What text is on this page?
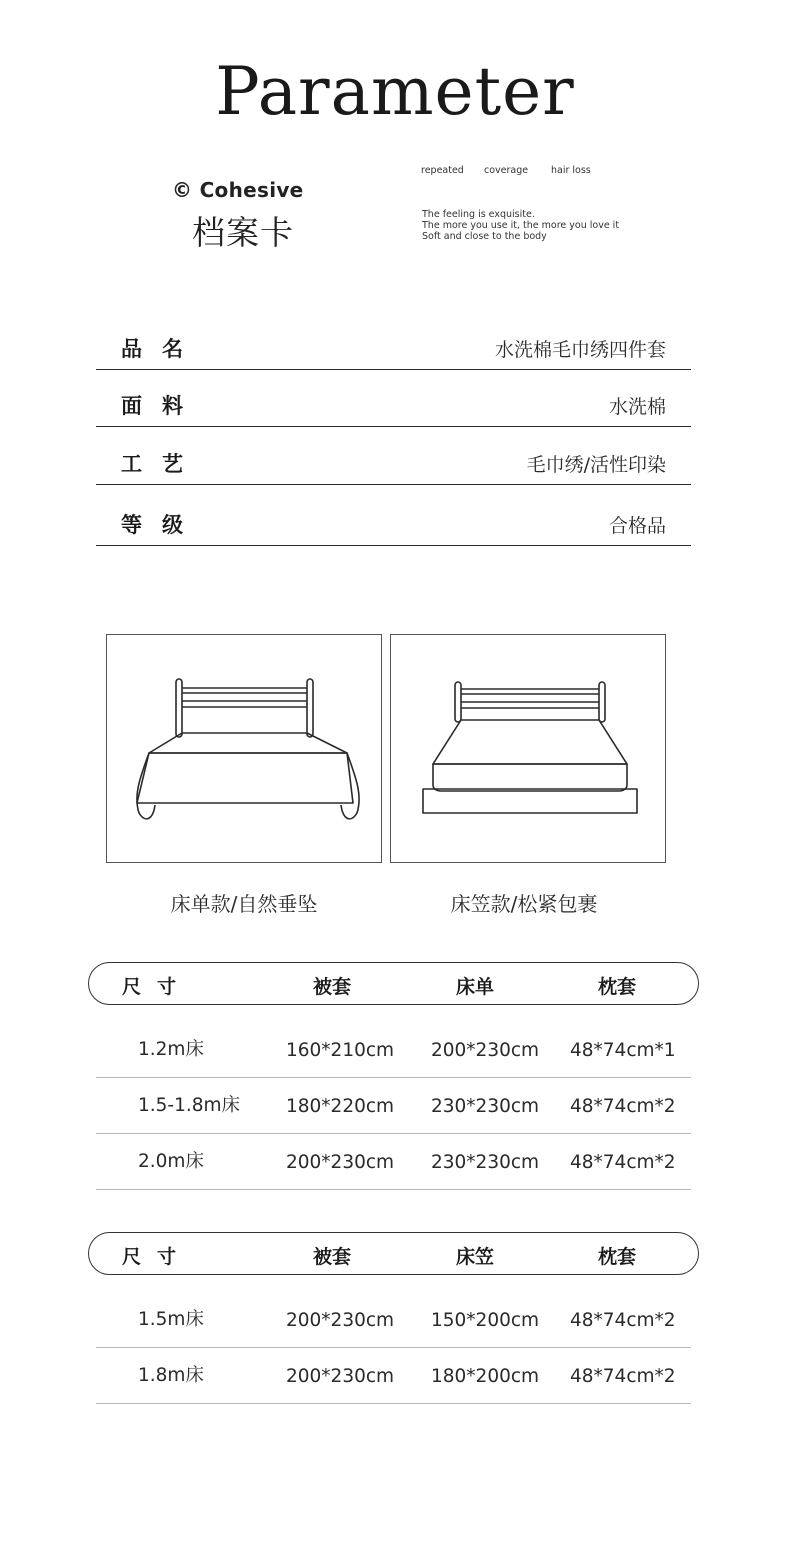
Parameter
© Cohesive
档案卡
repeated coverage hair loss
The feeling is exquisite.
The more you use it, the more you love it
Soft and close to the body
品名	水洗棉毛巾绣四件套
面料	水洗棉
工艺	毛巾绣/活性印染
等级	合格品
床单款/自然垂坠	床笠款/松紧包裹
尺寸	被套	床单	枕套
1.2m床	160*210cm 200*230cm 48*74cm*1
1.5-1.8m床 180*220cm 230*230cm 48*74cm*2
2.0m床	200*230cm 230*230cm 48*74cm*2
尺寸	被套	床笠	枕套
1.5m床	200*230cm 150*200cm 48*74cm*2
1.8m床	200*230cm 180*200cm 48*74cm*2
